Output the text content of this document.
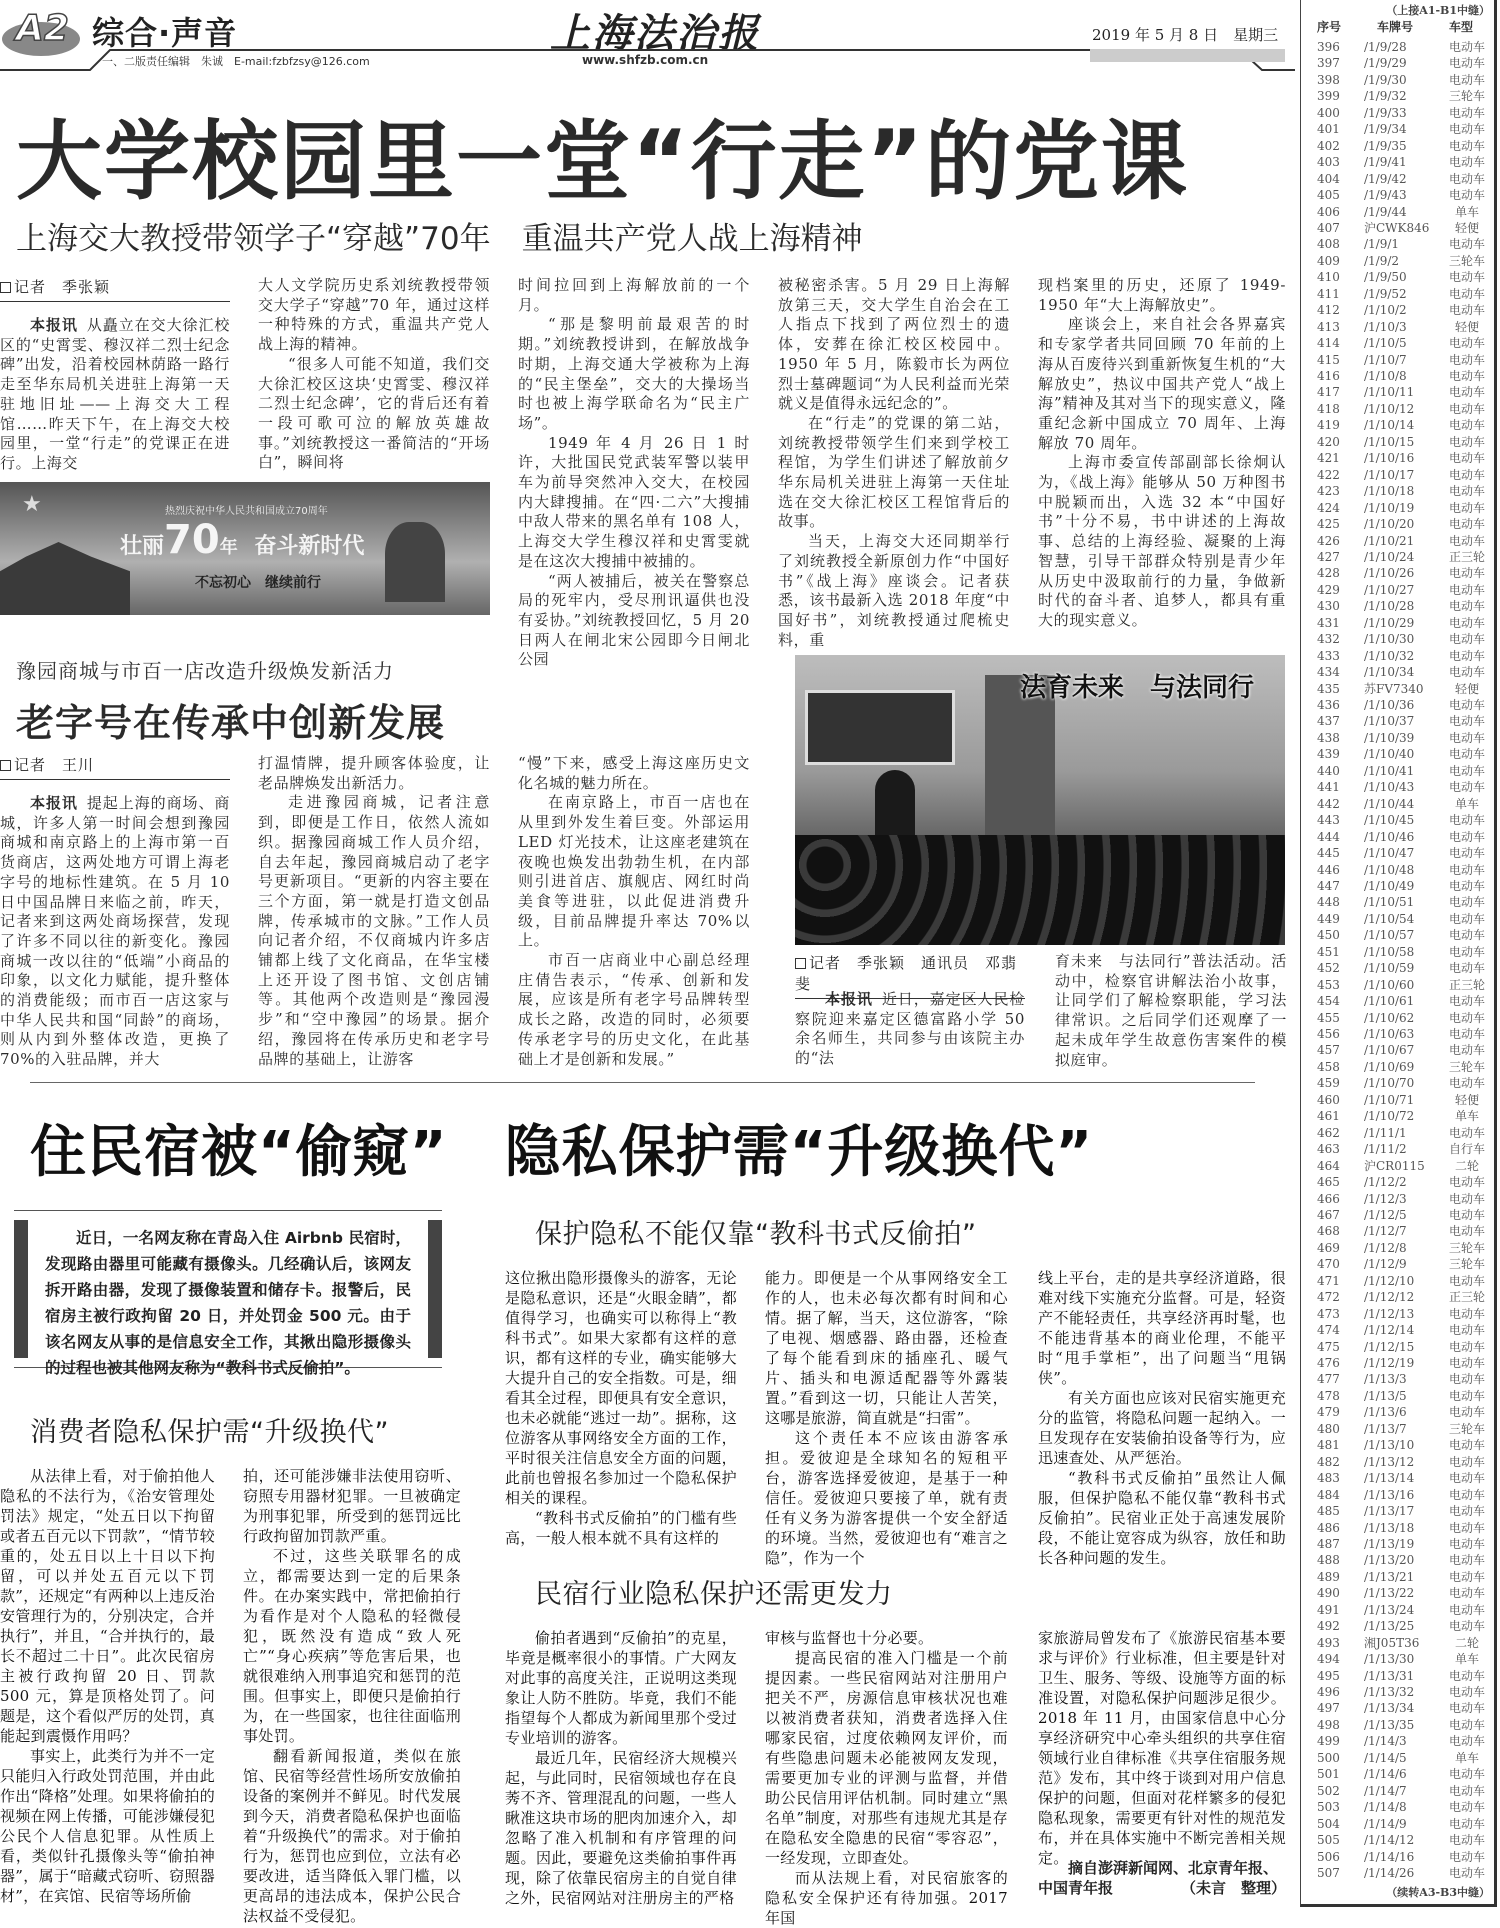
A2 综合·声音	上海法治报	2019 年 5 月 8 日　星期三
一、二版责任编辑　朱诚　E-mail:fzbfzsy@126.com	www.shfzb.com.cn
大学校园里一堂“行走”的党课
上海交大教授带领学子“穿越”70年　重温共产党人战上海精神
记者　季张颖

本报讯 从矗立在交大徐汇校区的“史霄雯、穆汉祥二烈士纪念碑”出发，沿着校园林荫路一路行走至华东局机关进驻上海第一天驻地旧址——上海交大工程馆……昨天下午，在上海交大校园里，一堂“行走”的党课正在进行。上海交

大人文学院历史系刘统教授带领交大学子“穿越”70 年，通过这样一种特殊的方式，重温共产党人战上海的精神。

“很多人可能不知道，我们交大徐汇校区这块‘史霄雯、穆汉祥二烈士纪念碑’，它的背后还有着一段可歌可泣的解放英雄故事。”刘统教授这一番简洁的“开场白”，瞬间将

时间拉回到上海解放前的一个月。

“那是黎明前最艰苦的时期。”刘统教授讲到，在解放战争时期，上海交通大学被称为上海的“民主堡垒”，交大的大操场当时也被上海学联命名为“民主广场”。

1949 年 4 月 26 日 1 时许，大批国民党武装军警以装甲车为前导突然冲入交大，在校园内大肆搜捕。在“四·二六”大搜捕中敌人带来的黑名单有 108 人，上海交大学生穆汉祥和史霄雯就是在这次大搜捕中被捕的。

“两人被捕后，被关在警察总局的死牢内，受尽刑讯逼供也没有妥协。”刘统教授回忆，5 月 20 日两人在闸北宋公园即今日闸北公园

被秘密杀害。5 月 29 日上海解放第三天，交大学生自治会在工人指点下找到了两位烈士的遗体，安葬在徐汇校区校园中。1950 年 5 月，陈毅市长为两位烈士墓碑题词“为人民利益而光荣就义是值得永远纪念的”。

在“行走”的党课的第二站，刘统教授带领学生们来到学校工程馆，为学生们讲述了解放前夕华东局机关进驻上海第一天住址选在交大徐汇校区工程馆背后的故事。

当天，上海交大还同期举行了刘统教授全新原创力作“中国好书”《战上海》座谈会。记者获悉，该书最新入选 2018 年度“中国好书”，刘统教授通过爬梳史料，重

现档案里的历史，还原了 1949-1950 年“大上海解放史”。

座谈会上，来自社会各界嘉宾和专家学者共同回顾 70 年前的上海从百废待兴到重新恢复生机的“大解放史”，热议中国共产党人“战上海”精神及其对当下的现实意义，隆重纪念新中国成立 70 周年、上海解放 70 周年。

上海市委宣传部副部长徐炯认为，《战上海》能够从 50 万种图书中脱颖而出，入选 32 本“中国好书”十分不易，书中讲述的上海故事、总结的上海经验、凝聚的上海智慧，引导干部群众特别是青少年从历史中汲取前行的力量，争做新时代的奋斗者、追梦人，都具有重大的现实意义。

★	热烈庆祝中华人民共和国成立70周年
壮丽70年 奋斗新时代
不忘初心　继续前行
豫园商城与市百一店改造升级焕发新活力
老字号在传承中创新发展
记者　王川

本报讯 提起上海的商场、商城，许多人第一时间会想到豫园商城和南京路上的上海市第一百货商店，这两处地方可谓上海老字号的地标性建筑。在 5 月 10 日中国品牌日来临之前，昨天，记者来到这两处商场探营，发现了许多不同以往的新变化。豫园商城一改以往的“低端”小商品的印象，以文化力赋能，提升整体的消费能级；而市百一店这家与中华人民共和国“同龄”的商场，则从内到外整体改造，更换了 70%的入驻品牌，并大

打温情牌，提升顾客体验度，让老品牌焕发出新活力。

走进豫园商城，记者注意到，即便是工作日，依然人流如织。据豫园商城工作人员介绍，自去年起，豫园商城启动了老字号更新项目。“更新的内容主要在三个方面，第一就是打造文创品牌，传承城市的文脉。”工作人员向记者介绍，不仅商城内许多店铺都上线了文化商品，在华宝楼上还开设了图书馆、文创店铺等。其他两个改造则是“豫园漫步”和“空中豫园”的场景。据介绍，豫园将在传承历史和老字号品牌的基础上，让游客

“慢”下来，感受上海这座历史文化名城的魅力所在。

在南京路上，市百一店也在从里到外发生着巨变。外部运用 LED 灯光技术，让这座老建筑在夜晚也焕发出勃勃生机，在内部则引进首店、旗舰店、网红时尚美食等进驻，以此促进消费升级，目前品牌提升率达 70%以上。

市百一店商业中心副总经理庄倩告表示，“传承、创新和发展，应该是所有老字号品牌转型成长之路，改造的同时，必须要传承老字号的历史文化，在此基础上才是创新和发展。”

法育未来　与法同行
记者　季张颖　通讯员　邓翡斐

本报讯 近日，嘉定区人民检察院迎来嘉定区德富路小学 50 余名师生，共同参与由该院主办的“法

育未来　与法同行”普法活动。活动中，检察官讲解法治小故事，让同学们了解检察职能，学习法律常识。之后同学们还观摩了一起未成年学生故意伤害案件的模拟庭审。

住民宿被“偷窥”　隐私保护需“升级换代”

近日，一名网友称在青岛入住 Airbnb 民宿时，发现路由器里可能藏有摄像头。几经确认后，该网友拆开路由器，发现了摄像装置和储存卡。报警后，民宿房主被行政拘留 20 日，并处罚金 500 元。由于该名网友从事的是信息安全工作，其揪出隐形摄像头的过程也被其他网友称为“教科书式反偷拍”。

保护隐私不能仅靠“教科书式反偷拍”

这位揪出隐形摄像头的游客，无论是隐私意识，还是“火眼金睛”，都值得学习，也确实可以称得上“教科书式”。如果大家都有这样的意识，都有这样的专业，确实能够大大提升自己的安全指数。可是，细看其全过程，即便具有安全意识，也未必就能“逃过一劫”。据称，这位游客从事网络安全方面的工作，平时很关注信息安全方面的问题，此前也曾报名参加过一个隐私保护相关的课程。

“教科书式反偷拍”的门槛有些高，一般人根本就不具有这样的

能力。即便是一个从事网络安全工作的人，也未必每次都有时间和心情。据了解，当天，这位游客，“除了电视、烟感器、路由器，还检查了每个能看到床的插座孔、暖气片、插头和电源适配器等外露装置。”看到这一切，只能让人苦笑，这哪是旅游，简直就是“扫雷”。

这个责任本不应该由游客承担。爱彼迎是全球知名的短租平台，游客选择爱彼迎，是基于一种信任。爱彼迎只要接了单，就有责任有义务为游客提供一个安全舒适的环境。当然，爱彼迎也有“难言之隐”，作为一个

线上平台，走的是共享经济道路，很难对线下实施充分监督。可是，轻资产不能轻责任，共享经济再时髦，也不能违背基本的商业伦理，不能平时“甩手掌柜”，出了问题当“甩锅侠”。

有关方面也应该对民宿实施更充分的监管，将隐私问题一起纳入。一旦发现存在安装偷拍设备等行为，应迅速查处、从严惩治。

“教科书式反偷拍”虽然让人佩服，但保护隐私不能仅靠“教科书式反偷拍”。民宿业正处于高速发展阶段，不能让宽容成为纵容，放任和助长各种问题的发生。

消费者隐私保护需“升级换代”

从法律上看，对于偷拍他人隐私的不法行为，《治安管理处罚法》规定，“处五日以下拘留或者五百元以下罚款”，“情节较重的，处五日以上十日以下拘留，可以并处五百元以下罚款”，还规定“有两种以上违反治安管理行为的，分别决定，合并执行”，并且，“合并执行的，最长不超过二十日”。此次民宿房主被行政拘留 20 日、罚款 500 元，算是顶格处罚了。问题是，这个看似严厉的处罚，真能起到震慑作用吗？

事实上，此类行为并不一定只能归入行政处罚范围，并由此作出“降格”处理。如果将偷拍的视频在网上传播，可能涉嫌侵犯公民个人信息犯罪。从性质上看，类似针孔摄像头等“偷拍神器”，属于“暗藏式窃听、窃照器材”，在宾馆、民宿等场所偷

拍，还可能涉嫌非法使用窃听、窃照专用器材犯罪。一旦被确定为刑事犯罪，所受到的惩罚远比行政拘留加罚款严重。

不过，这些关联罪名的成立，都需要达到一定的后果条件。在办案实践中，常把偷拍行为看作是对个人隐私的轻微侵犯，既然没有造成“致人死亡”“身心疾病”等危害后果，也就很难纳入刑事追究和惩罚的范围。但事实上，即便只是偷拍行为，在一些国家，也往往面临刑事处罚。

翻看新闻报道，类似在旅馆、民宿等经营性场所安放偷拍设备的案例并不鲜见。时代发展到今天，消费者隐私保护也面临着“升级换代”的需求。对于偷拍行为，惩罚也应到位，立法有必要改进，适当降低入罪门槛，以更高昂的违法成本，保护公民合法权益不受侵犯。

民宿行业隐私保护还需更发力

偷拍者遇到“反偷拍”的克星，毕竟是概率很小的事情。广大网友对此事的高度关注，正说明这类现象让人防不胜防。毕竟，我们不能指望每个人都成为新闻里那个受过专业培训的游客。

最近几年，民宿经济大规模兴起，与此同时，民宿领域也存在良莠不齐、管理混乱的问题，一些人瞅准这块市场的肥肉加速介入，却忽略了准入机制和有序管理的问题。因此，要避免这类偷拍事件再现，除了依靠民宿房主的自觉自律之外，民宿网站对注册房主的严格

审核与监督也十分必要。

提高民宿的准入门槛是一个前提因素。一些民宿网站对注册用户把关不严，房源信息审核状况也难以被消费者获知，消费者选择入住哪家民宿，过度依赖网友评价，而有些隐患问题未必能被网友发现，需要更加专业的评测与监督，并借助公民信用评估机制。同时建立“黑名单”制度，对那些有违规尤其是存在隐私安全隐患的民宿“零容忍”，一经发现，立即查处。

而从法规上看，对民宿旅客的隐私安全保护还有待加强。2017 年国

家旅游局曾发布了《旅游民宿基本要求与评价》行业标准，但主要是针对卫生、服务、等级、设施等方面的标准设置，对隐私保护问题涉足很少。2018 年 11 月，由国家信息中心分享经济研究中心牵头组织的共享住宿领域行业自律标准《共享住宿服务规范》发布，其中终于谈到对用户信息保护的问题，但面对花样繁多的侵犯隐私现象，需要更有针对性的规范发布，并在具体实施中不断完善相关规定。

摘自澎湃新闻网、北京青年报、中国青年报	（未言　整理）
（上接A1-B1中缝）
序号	车牌号	车型
396 /1/9/28	电动车
397 /1/9/29	电动车
398 /1/9/30	电动车
399 /1/9/32	三轮车
400 /1/9/33	电动车
401 /1/9/34	电动车
402 /1/9/35	电动车
403 /1/9/41	电动车
404 /1/9/42	电动车
405 /1/9/43	电动车
406 /1/9/44	单车
407 沪CWK846	轻便
408 /1/9/1	电动车
409 /1/9/2	三轮车
410 /1/9/50	电动车
411 /1/9/52	电动车
412 /1/10/2	电动车
413 /1/10/3	轻便
414 /1/10/5	电动车
415 /1/10/7	电动车
416 /1/10/8	电动车
417 /1/10/11	电动车
418 /1/10/12	电动车
419 /1/10/14	电动车
420 /1/10/15	电动车
421 /1/10/16	电动车
422 /1/10/17	电动车
423 /1/10/18	电动车
424 /1/10/19	电动车
425 /1/10/20	电动车
426 /1/10/21	电动车
427 /1/10/24	正三轮
428 /1/10/26	电动车
429 /1/10/27	电动车
430 /1/10/28	电动车
431 /1/10/29	电动车
432 /1/10/30	电动车
433 /1/10/32	电动车
434 /1/10/34	电动车
435 苏FV7340	轻便
436 /1/10/36	电动车
437 /1/10/37	电动车
438 /1/10/39	电动车
439 /1/10/40	电动车
440 /1/10/41	电动车
441 /1/10/43	电动车
442 /1/10/44	单车
443 /1/10/45	电动车
444 /1/10/46	电动车
445 /1/10/47	电动车
446 /1/10/48	电动车
447 /1/10/49	电动车
448 /1/10/51	电动车
449 /1/10/54	电动车
450 /1/10/57	电动车
451 /1/10/58	电动车
452 /1/10/59	电动车
453 /1/10/60	正三轮
454 /1/10/61	电动车
455 /1/10/62	电动车
456 /1/10/63	电动车
457 /1/10/67	电动车
458 /1/10/69	三轮车
459 /1/10/70	电动车
460 /1/10/71	轻便
461 /1/10/72	单车
462 /1/11/1	电动车
463 /1/11/2	自行车
464 沪CR0115	二轮
465 /1/12/2	电动车
466 /1/12/3	电动车
467 /1/12/5	电动车
468 /1/12/7	电动车
469 /1/12/8	三轮车
470 /1/12/9	三轮车
471 /1/12/10	电动车
472 /1/12/12	正三轮
473 /1/12/13	电动车
474 /1/12/14	电动车
475 /1/12/15	电动车
476 /1/12/19	电动车
477 /1/13/3	电动车
478 /1/13/5	电动车
479 /1/13/6	电动车
480 /1/13/7	三轮车
481 /1/13/10	电动车
482 /1/13/12	电动车
483 /1/13/14	电动车
484 /1/13/16	电动车
485 /1/13/17	电动车
486 /1/13/18	电动车
487 /1/13/19	电动车
488 /1/13/20	电动车
489 /1/13/21	电动车
490 /1/13/22	电动车
491 /1/13/24	电动车
492 /1/13/25	电动车
493 湘J05T36	二轮
494 /1/13/30	单车
495 /1/13/31	电动车
496 /1/13/32	电动车
497 /1/13/34	电动车
498 /1/13/35	电动车
499 /1/14/3	电动车
500 /1/14/5	单车
501 /1/14/6	电动车
502 /1/14/7	电动车
503 /1/14/8	电动车
504 /1/14/9	电动车
505 /1/14/12	电动车
506 /1/14/16	电动车
507 /1/14/26	电动车
（续转A3-B3中缝）
